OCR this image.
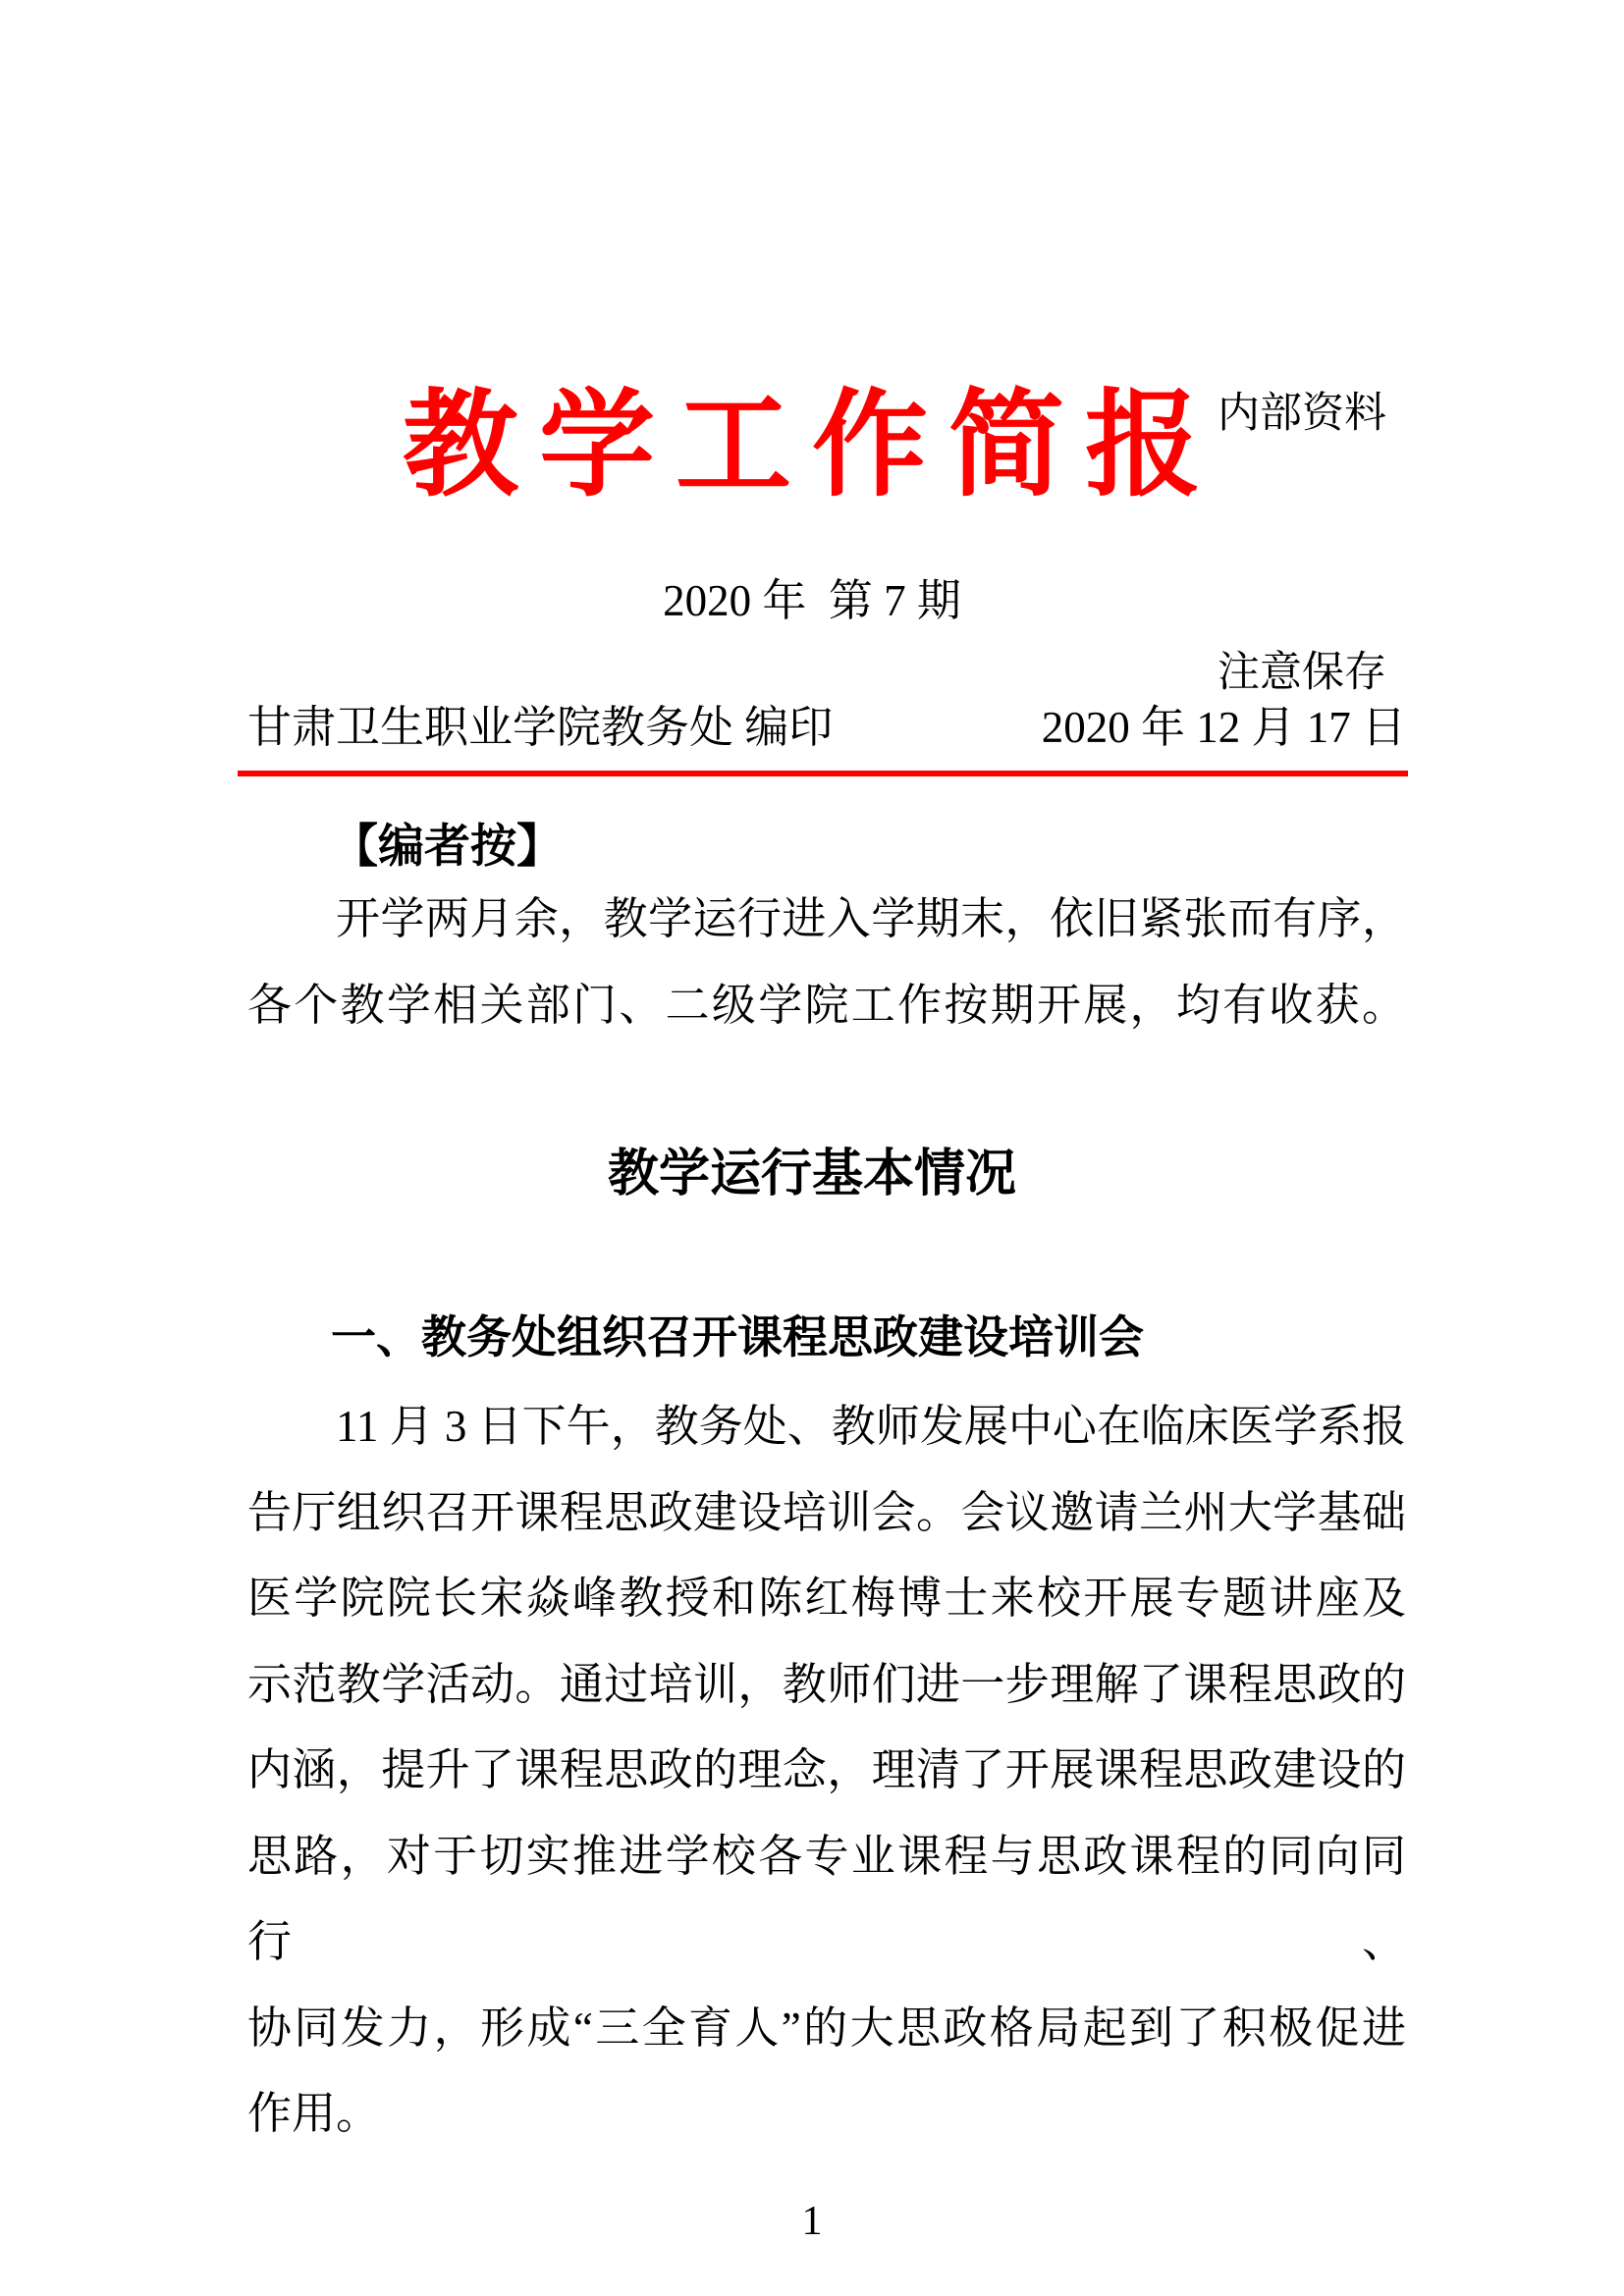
内部资料

注意保存

教学工作简报
2020 年  第 7 期
甘肃卫生职业学院教务处 编印	2020 年 12 月 17 日
【编者按】
开学两月余，教学运行进入学期末，依旧紧张而有序，
各个教学相关部门、二级学院工作按期开展，均有收获。
教学运行基本情况
一、教务处组织召开课程思政建设培训会
11 月 3 日下午，教务处、教师发展中心在临床医学系报
告厅组织召开课程思政建设培训会。会议邀请兰州大学基础
医学院院长宋焱峰教授和陈红梅博士来校开展专题讲座及
示范教学活动。通过培训，教师们进一步理解了课程思政的
内涵，提升了课程思政的理念，理清了开展课程思政建设的
思路，对于切实推进学校各专业课程与思政课程的同向同行、
协同发力，形成“三全育人”的大思政格局起到了积极促进
作用。
1
